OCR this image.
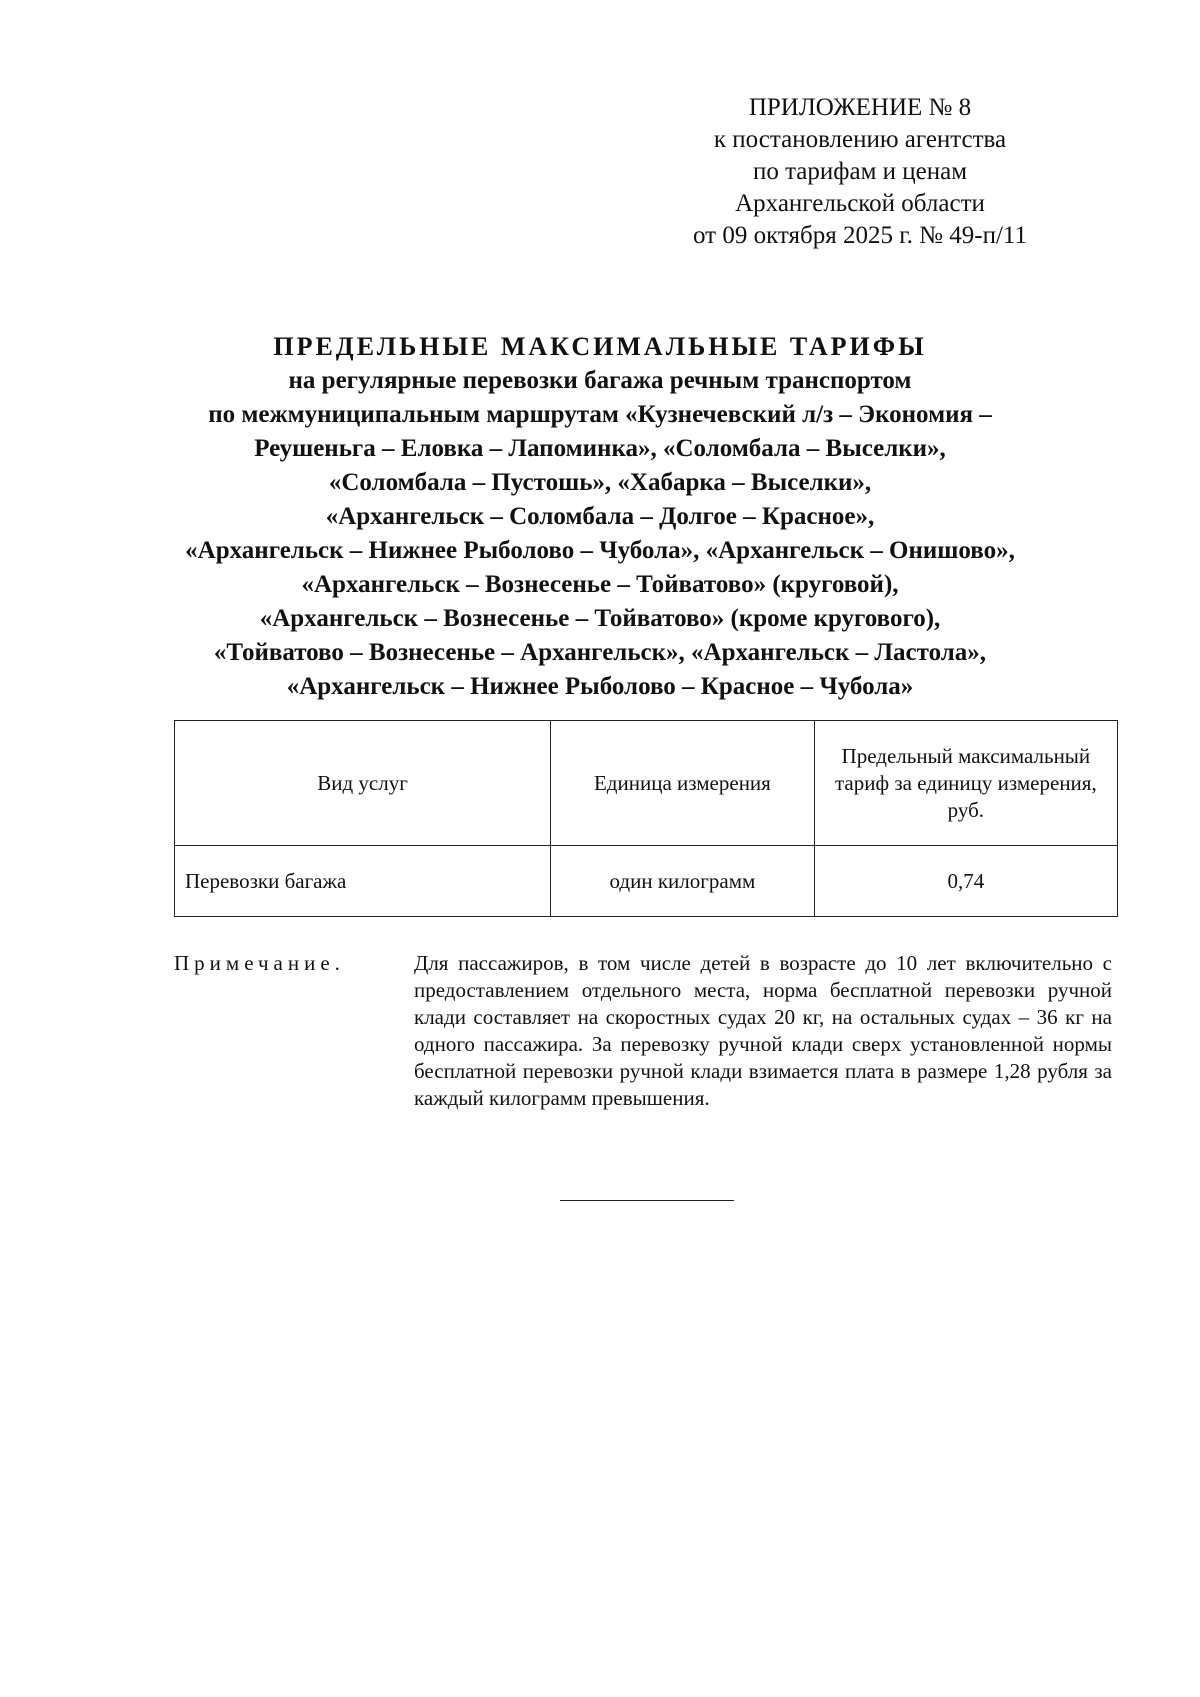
ПРИЛОЖЕНИЕ № 8
к постановлению агентства
по тарифам и ценам
Архангельской области
от 09 октября 2025 г. № 49-п/11
ПРЕДЕЛЬНЫЕ МАКСИМАЛЬНЫЕ ТАРИФЫ
на регулярные перевозки багажа речным транспортом
по межмуниципальным маршрутам «Кузнечевский л/з – Экономия –
Реушеньга – Еловка – Лапоминка», «Соломбала – Выселки»,
«Соломбала – Пустошь», «Хабарка – Выселки»,
«Архангельск – Соломбала – Долгое – Красное»,
«Архангельск – Нижнее Рыболово – Чубола», «Архангельск – Онишово»,
«Архангельск – Вознесенье – Тойватово» (круговой),
«Архангельск – Вознесенье – Тойватово» (кроме кругового),
«Тойватово – Вознесенье – Архангельск», «Архангельск – Ластола»,
«Архангельск – Нижнее Рыболово – Красное – Чубола»
Вид услуг	Единица измерения	Предельный максимальный тариф за единицу измерения, руб.
Перевозки багажа	один килограмм	0,74
Примечание.	Для пассажиров, в том числе детей в возрасте до 10 лет включительно с предоставлением отдельного места, норма бесплатной перевозки ручной клади составляет на скоростных судах 20 кг, на остальных судах – 36 кг на одного пассажира. За перевозку ручной клади сверх установленной нормы бесплатной перевозки ручной клади взимается плата в размере 1,28 рубля за каждый килограмм превышения.
